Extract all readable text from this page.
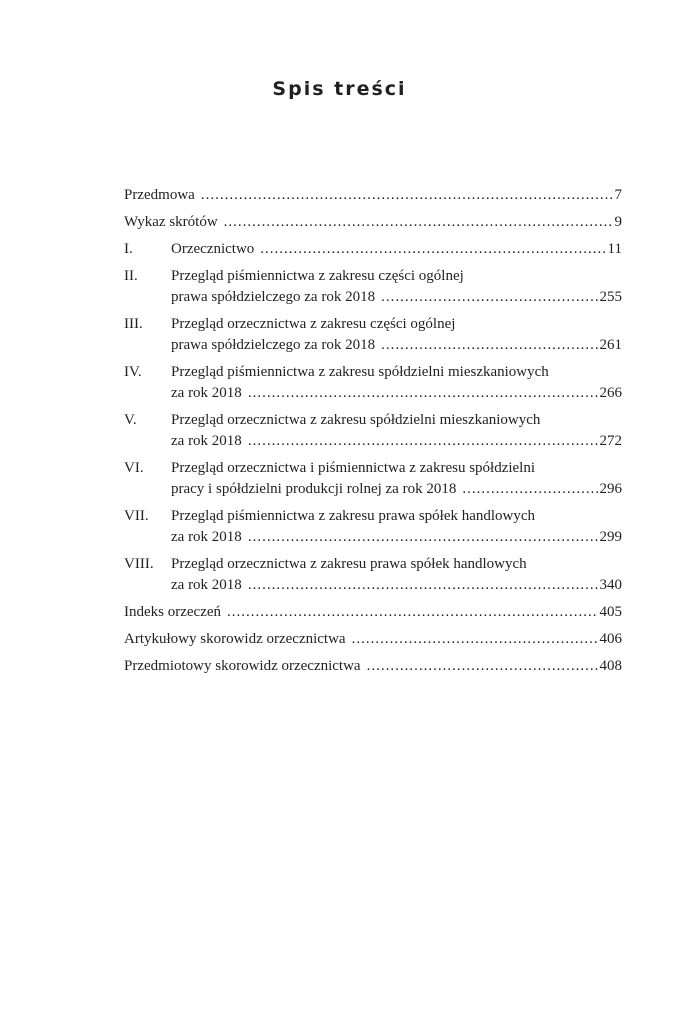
Spis treści
Przedmowa .....	7
Wykaz skrótów .....	9
I.	Orzecznictwo .....	11
II.	Przegląd piśmiennictwa z zakresu części ogólnej
prawa spółdzielczego za rok 2018 .....	255
III.	Przegląd orzecznictwa z zakresu części ogólnej
prawa spółdzielczego za rok 2018 .....	261
IV.	Przegląd piśmiennictwa z zakresu spółdzielni mieszkaniowych
za rok 2018 .....	266
V.	Przegląd orzecznictwa z zakresu spółdzielni mieszkaniowych
za rok 2018 .....	272
VI.	Przegląd orzecznictwa i piśmiennictwa z zakresu spółdzielni
pracy i spółdzielni produkcji rolnej za rok 2018 .....	296
VII.	Przegląd piśmiennictwa z zakresu prawa spółek handlowych
za rok 2018 .....	299
VIII.	Przegląd orzecznictwa z zakresu prawa spółek handlowych
za rok 2018 .....	340
Indeks orzeczeń .....	405
Artykułowy skorowidz orzecznictwa .....	406
Przedmiotowy skorowidz orzecznictwa .....	408
